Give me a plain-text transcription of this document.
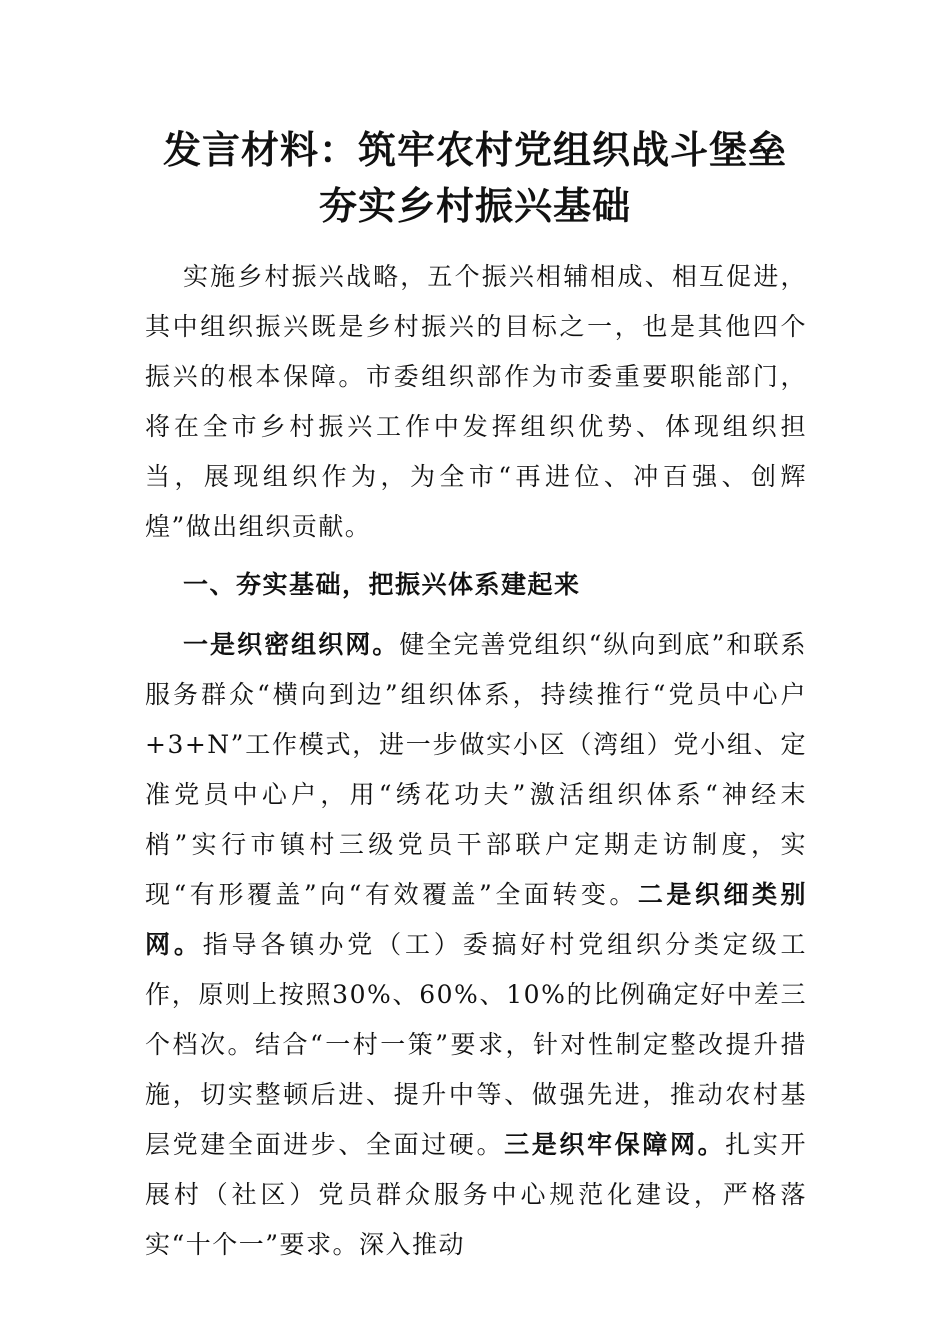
发言材料：筑牢农村党组织战斗堡垒 夯实乡村振兴基础

实施乡村振兴战略，五个振兴相辅相成、相互促进，其中组织振兴既是乡村振兴的目标之一，也是其他四个振兴的根本保障。市委组织部作为市委重要职能部门，将在全市乡村振兴工作中发挥组织优势、体现组织担当，展现组织作为，为全市“再进位、冲百强、创辉煌”做出组织贡献。

一、夯实基础，把振兴体系建起来

一是织密组织网。健全完善党组织“纵向到底”和联系服务群众“横向到边”组织体系，持续推行“党员中心户+3+N”工作模式，进一步做实小区（湾组）党小组、定准党员中心户，用“绣花功夫”激活组织体系“神经末梢”实行市镇村三级党员干部联户定期走访制度，实现“有形覆盖”向“有效覆盖”全面转变。二是织细类别网。指导各镇办党（工）委搞好村党组织分类定级工作，原则上按照30%、60%、10%的比例确定好中差三个档次。结合“一村一策”要求，针对性制定整改提升措施，切实整顿后进、提升中等、做强先进，推动农村基层党建全面进步、全面过硬。三是织牢保障网。扎实开展村（社区）党员群众服务中心规范化建设，严格落实“十个一”要求。深入推动
